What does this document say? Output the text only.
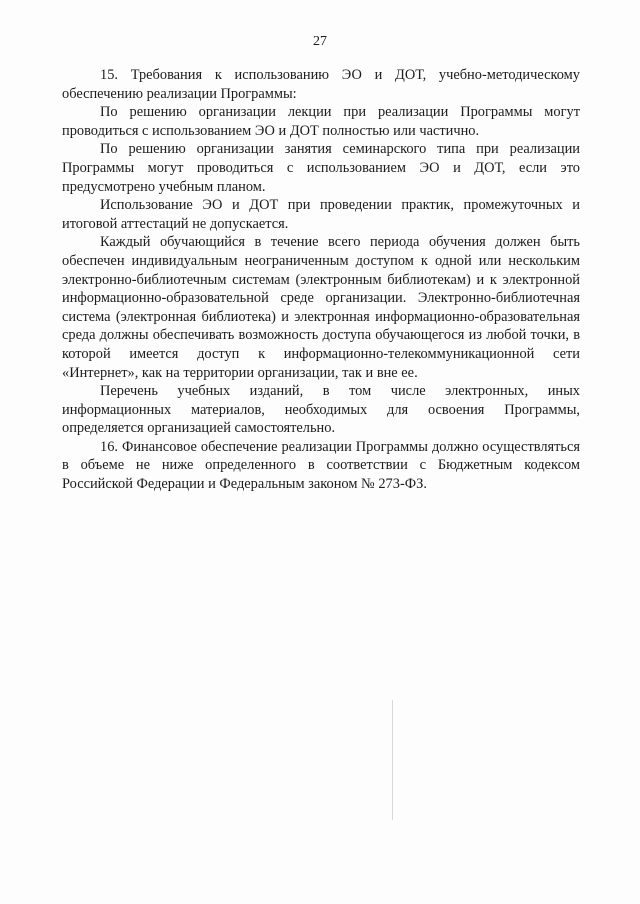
27

15. Требования к использованию ЭО и ДОТ, учебно-методическому обеспечению реализации Программы:

По решению организации лекции при реализации Программы могут проводиться с использованием ЭО и ДОТ полностью или частично.

По решению организации занятия семинарского типа при реализации Программы могут проводиться с использованием ЭО и ДОТ, если это предусмотрено учебным планом.

Использование ЭО и ДОТ при проведении практик, промежуточных и итоговой аттестаций не допускается.

Каждый обучающийся в течение всего периода обучения должен быть обеспечен индивидуальным неограниченным доступом к одной или нескольким электронно-библиотечным системам (электронным библиотекам) и к электронной информационно-образовательной среде организации. Электронно-библиотечная система (электронная библиотека) и электронная информационно-образовательная среда должны обеспечивать возможность доступа обучающегося из любой точки, в которой имеется доступ к информационно-телекоммуникационной сети «Интернет», как на территории организации, так и вне ее.

Перечень учебных изданий, в том числе электронных, иных информационных материалов, необходимых для освоения Программы, определяется организацией самостоятельно.

16. Финансовое обеспечение реализации Программы должно осуществляться в объеме не ниже определенного в соответствии с Бюджетным кодексом Российской Федерации и Федеральным законом № 273-ФЗ.
